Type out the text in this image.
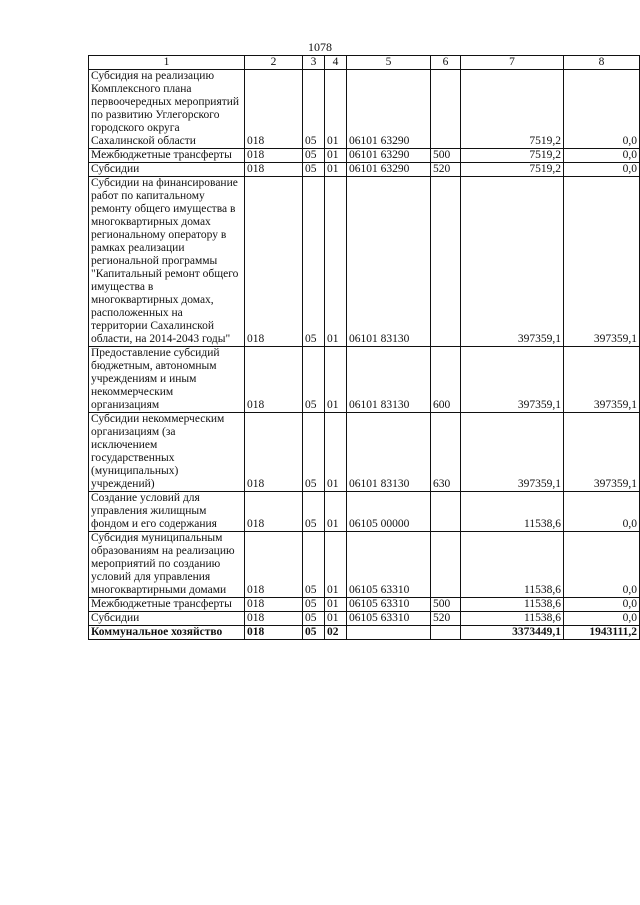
1078
1	2	3	4	5	6	7	8
Субсидия на реализацию Комплексного плана первоочередных мероприятий по развитию Углегорского городского округа Сахалинской области	018	05	01	06101 63290		7519,2	0,0
Межбюджетные трансферты	018	05	01	06101 63290	500	7519,2	0,0
Субсидии	018	05	01	06101 63290	520	7519,2	0,0
Субсидии на финансирование работ по капитальному ремонту общего имущества в многоквартирных домах региональному оператору в рамках реализации региональной программы "Капитальный ремонт общего имущества в многоквартирных домах, расположенных на территории Сахалинской области, на 2014-2043 годы"	018	05	01	06101 83130		397359,1	397359,1
Предоставление субсидий бюджетным, автономным учреждениям и иным некоммерческим организациям	018	05	01	06101 83130	600	397359,1	397359,1
Субсидии некоммерческим организациям (за исключением государственных (муниципальных) учреждений)	018	05	01	06101 83130	630	397359,1	397359,1
Создание условий для управления жилищным фондом и его содержания	018	05	01	06105 00000		11538,6	0,0
Субсидия муниципальным образованиям на реализацию мероприятий по созданию условий для управления многоквартирными домами	018	05	01	06105 63310		11538,6	0,0
Межбюджетные трансферты	018	05	01	06105 63310	500	11538,6	0,0
Субсидии	018	05	01	06105 63310	520	11538,6	0,0
Коммунальное хозяйство	018	05	02			3373449,1	1943111,2
